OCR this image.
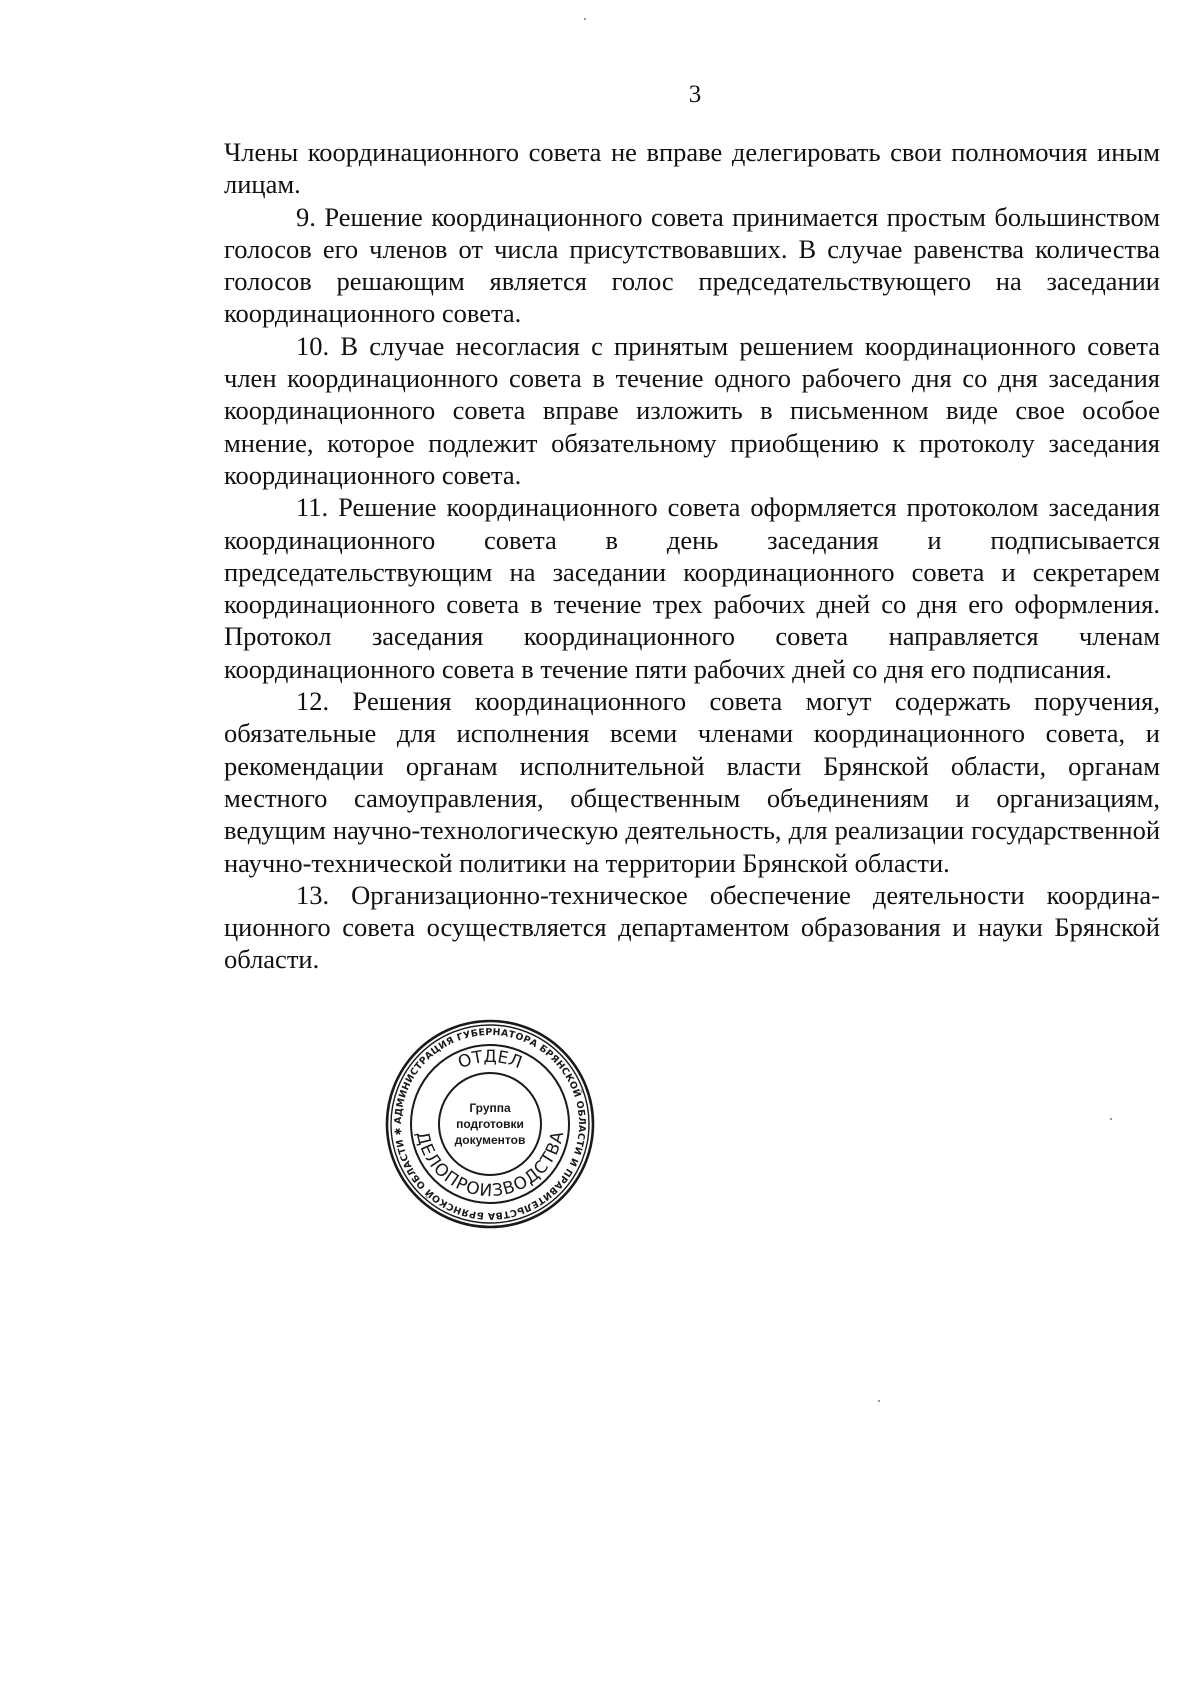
3

Члены координационного совета не вправе делегировать свои полномочия иным лицам.

9. Решение координационного совета принимается простым большинством голосов его членов от числа присутствовавших. В случае равенства количества голосов решающим является голос председательствующего на заседании координационного совета.

10. В случае несогласия с принятым решением координационного совета член координационного совета в течение одного рабочего дня со дня заседания координационного совета вправе изложить в письменном виде свое особое мнение, которое подлежит обязательному приобщению к протоколу заседания координационного совета.

11. Решение координационного совета оформляется протоколом заседания координационного совета в день заседания и подписывается председательствующим на заседании координационного совета и секретарем координационного совета в течение трех рабочих дней со дня его оформления. Протокол заседания координационного совета направляется членам координационного совета в течение пяти рабочих дней со дня его подписания.

12. Решения координационного совета могут содержать поручения, обязательные для исполнения всеми членами координационного совета, и рекомендации органам исполнительной власти Брянской области, органам местного самоуправления, общественным объединениям и организациям, ведущим научно-технологическую деятельность, для реализации государственной научно-технической политики на территории Брянской области.

13. Организационно-техническое обеспечение деятельности координационного совета осуществляется департаментом образования и науки Брянской области.

АДМИНИСТРАЦИЯ ГУБЕРНАТОРА БРЯНСКОЙ ОБЛАСТИ И ПРАВИТЕЛЬСТВА БРЯНСКОЙ ОБЛАСТИ ✱
ОТДЕЛ
ДЕЛОПРОИЗВОДСТВА
Группа
подготовки
документов
